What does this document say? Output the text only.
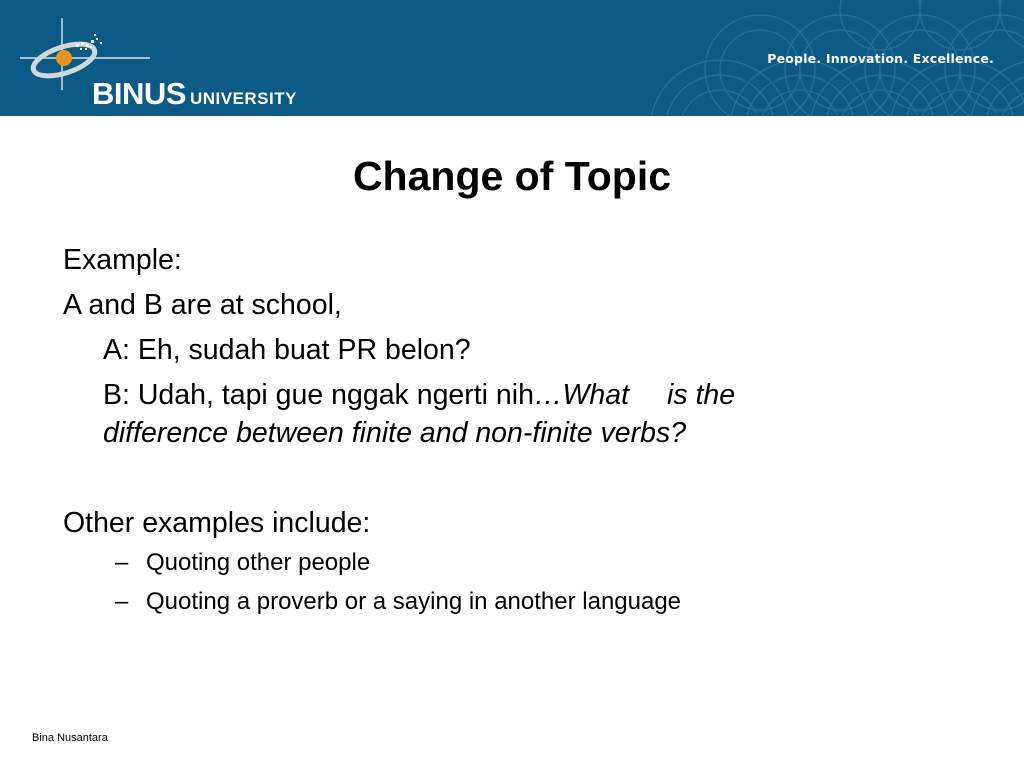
BINUS UNIVERSITY
People. Innovation. Excellence.
Change of Topic
Example:
A and B are at school,
A: Eh, sudah buat PR belon?
B: Udah, tapi gue nggak ngerti nih…What is the
difference between finite and non-finite verbs?
Other examples include:
– Quoting other people
– Quoting a proverb or a saying in another language
Bina Nusantara
